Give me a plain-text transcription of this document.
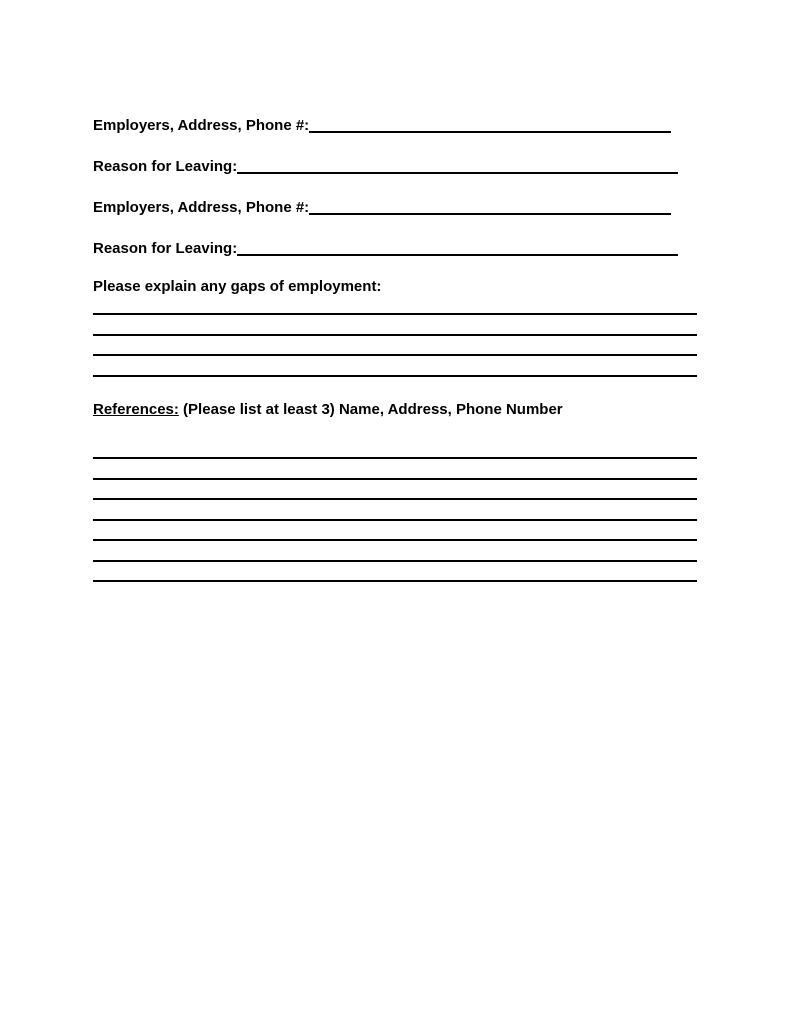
Employers, Address, Phone #:
Reason for Leaving:
Employers, Address, Phone #:
Reason for Leaving:
Please explain any gaps of employment:
References: (Please list at least 3) Name, Address, Phone Number
